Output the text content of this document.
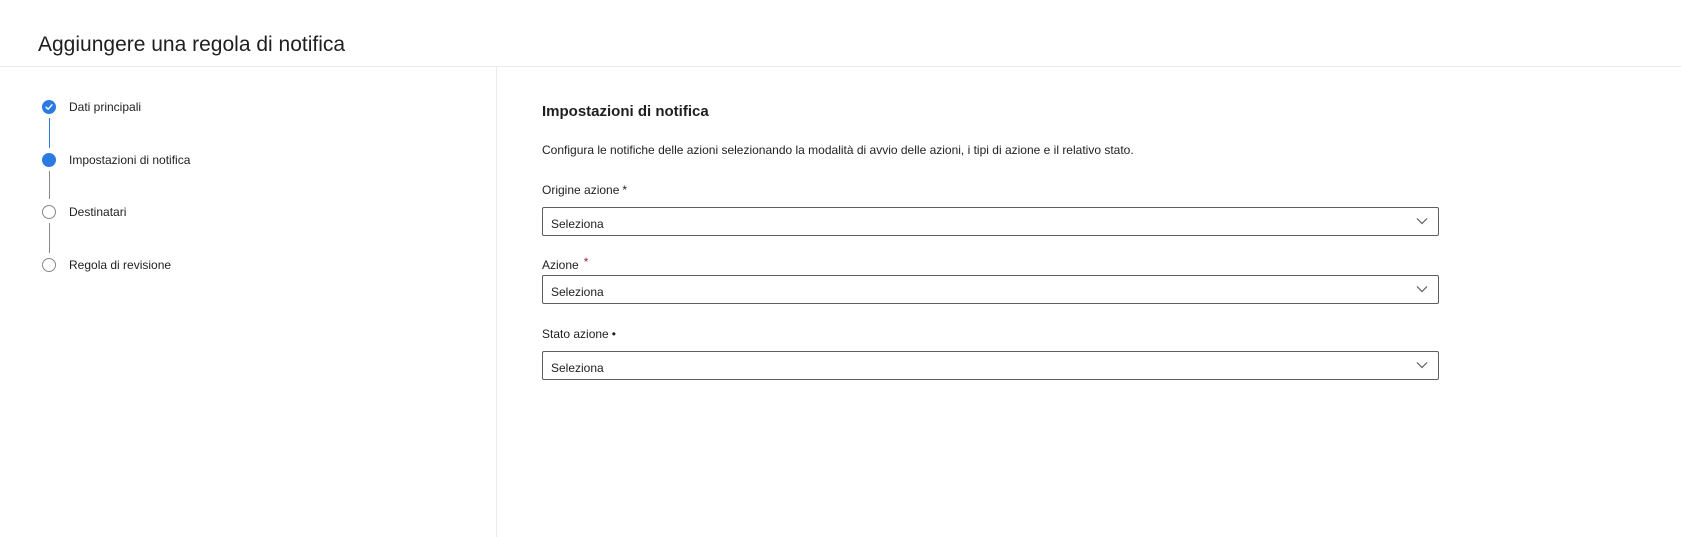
Aggiungere una regola di notifica
Dati principali
Impostazioni di notifica
Destinatari
Regola di revisione
Impostazioni di notifica
Configura le notifiche delle azioni selezionando la modalità di avvio delle azioni, i tipi di azione e il relativo stato.
Origine azione *
Seleziona
Azione *
Seleziona
Stato azione •
Seleziona
